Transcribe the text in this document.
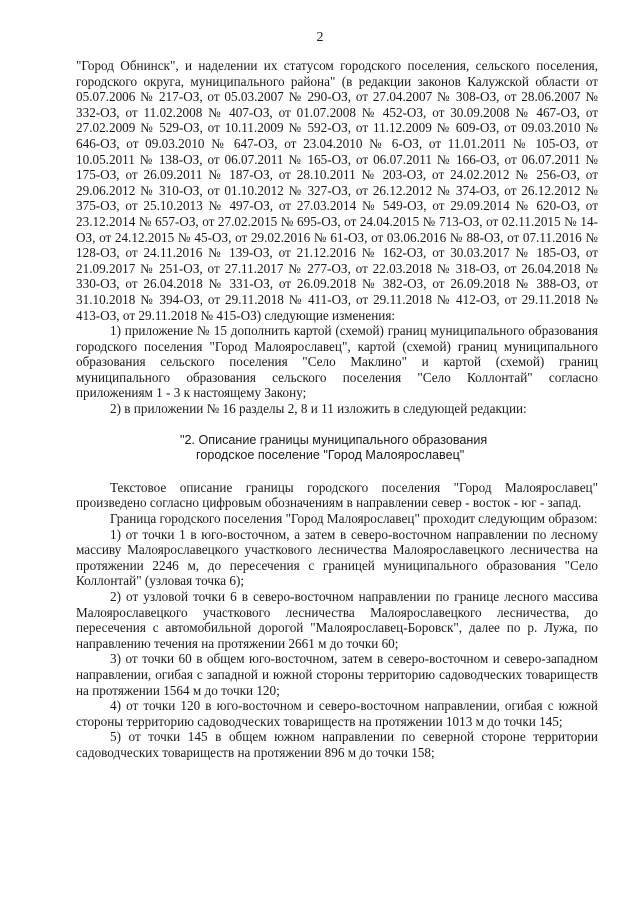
2

"Город Обнинск", и наделении их статусом городского поселения, сельского поселения, городского округа, муниципального района" (в редакции законов Калужской области от 05.07.2006 № 217-ОЗ, от 05.03.2007 № 290-ОЗ, от 27.04.2007 № 308-ОЗ, от 28.06.2007 № 332-ОЗ, от 11.02.2008 № 407-ОЗ, от 01.07.2008 № 452-ОЗ, от 30.09.2008 № 467-ОЗ, от 27.02.2009 № 529-ОЗ, от 10.11.2009 № 592-ОЗ, от 11.12.2009 № 609-ОЗ, от 09.03.2010 № 646-ОЗ, от 09.03.2010 № 647-ОЗ, от 23.04.2010 № 6-ОЗ, от 11.01.2011 № 105-ОЗ, от 10.05.2011 № 138-ОЗ, от 06.07.2011 № 165-ОЗ, от 06.07.2011 № 166-ОЗ, от 06.07.2011 № 175-ОЗ, от 26.09.2011 № 187-ОЗ, от 28.10.2011 № 203-ОЗ, от 24.02.2012 № 256-ОЗ, от 29.06.2012 № 310-ОЗ, от 01.10.2012 № 327-ОЗ, от 26.12.2012 № 374-ОЗ, от 26.12.2012 № 375-ОЗ, от 25.10.2013 № 497-ОЗ, от 27.03.2014 № 549-ОЗ, от 29.09.2014 № 620-ОЗ, от 23.12.2014 № 657-ОЗ, от 27.02.2015 № 695-ОЗ, от 24.04.2015 № 713-ОЗ, от 02.11.2015 № 14-ОЗ, от 24.12.2015 № 45-ОЗ, от 29.02.2016 № 61-ОЗ, от 03.06.2016 № 88-ОЗ, от 07.11.2016 № 128-ОЗ, от 24.11.2016 № 139-ОЗ, от 21.12.2016 № 162-ОЗ, от 30.03.2017 № 185-ОЗ, от 21.09.2017 № 251-ОЗ, от 27.11.2017 № 277-ОЗ, от 22.03.2018 № 318-ОЗ, от 26.04.2018 № 330-ОЗ, от 26.04.2018 № 331-ОЗ, от 26.09.2018 № 382-ОЗ, от 26.09.2018 № 388-ОЗ, от 31.10.2018 № 394-ОЗ, от 29.11.2018 № 411-ОЗ, от 29.11.2018 № 412-ОЗ, от 29.11.2018 № 413-ОЗ, от 29.11.2018 № 415-ОЗ) следующие изменения:

1) приложение № 15 дополнить картой (схемой) границ муниципального образования городского поселения "Город Малоярославец", картой (схемой) границ муниципального образования сельского поселения "Село Маклино" и картой (схемой) границ муниципального образования сельского поселения "Село Коллонтай" согласно приложениям 1 - 3 к настоящему Закону;

2) в приложении № 16 разделы 2, 8 и 11 изложить в следующей редакции:

"2. Описание границы муниципального образования
городское поселение "Город Малоярославец"

Текстовое описание границы городского поселения "Город Малоярославец" произведено согласно цифровым обозначениям в направлении север - восток - юг - запад.

Граница городского поселения "Город Малоярославец" проходит следующим образом:

1) от точки 1 в юго-восточном, а затем в северо-восточном направлении по лесному массиву Малоярославецкого участкового лесничества Малоярославецкого лесничества на протяжении 2246 м, до пересечения с границей муниципального образования "Село Коллонтай" (узловая точка 6);

2) от узловой точки 6 в северо-восточном направлении по границе лесного массива Малоярославецкого участкового лесничества Малоярославецкого лесничества, до пересечения с автомобильной дорогой "Малоярославец-Боровск", далее по р. Лужа, по направлению течения на протяжении 2661 м до точки 60;

3) от точки 60 в общем юго-восточном, затем в северо-восточном и северо-западном направлении, огибая с западной и южной стороны территорию садоводческих товариществ на протяжении 1564 м до точки 120;

4) от точки 120 в юго-восточном и северо-восточном направлении, огибая с южной стороны территорию садоводческих товариществ на протяжении 1013 м до точки 145;

5) от точки 145 в общем южном направлении по северной стороне территории садоводческих товариществ на протяжении 896 м до точки 158;
